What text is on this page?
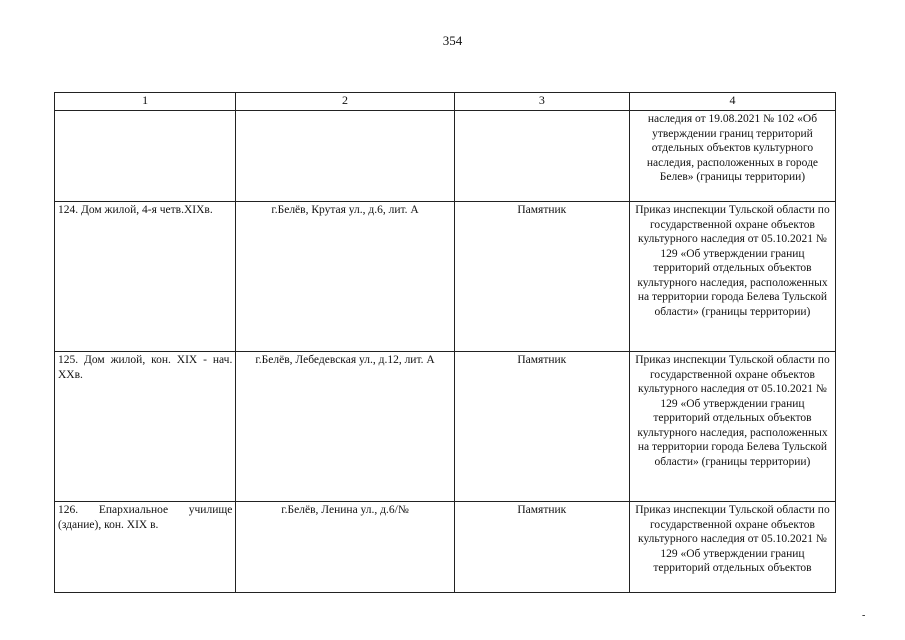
354
1	2	3	4
			наследия от 19.08.2021 № 102 «Об утверждении границ территорий отдельных объектов культурного наследия, расположенных в городе Белев» (границы территории)
124. Дом жилой, 4-я четв.XIXв.	г.Белёв, Крутая ул., д.6, лит. А	Памятник	Приказ инспекции Тульской области по государственной охране объектов культурного наследия от 05.10.2021 № 129 «Об утверждении границ территорий отдельных объектов культурного наследия, расположенных на территории города Белева Тульской области» (границы территории)
125. Дом жилой, кон. XIX - нач. XXв.	г.Белёв, Лебедевская ул., д.12, лит. А	Памятник	Приказ инспекции Тульской области по государственной охране объектов культурного наследия от 05.10.2021 № 129 «Об утверждении границ территорий отдельных объектов культурного наследия, расположенных на территории города Белева Тульской области» (границы территории)
126. Епархиальное училище (здание), кон. XIX в.	г.Белёв, Ленина ул., д.6/№	Памятник	Приказ инспекции Тульской области по государственной охране объектов культурного наследия от 05.10.2021 № 129 «Об утверждении границ территорий отдельных объектов
-
